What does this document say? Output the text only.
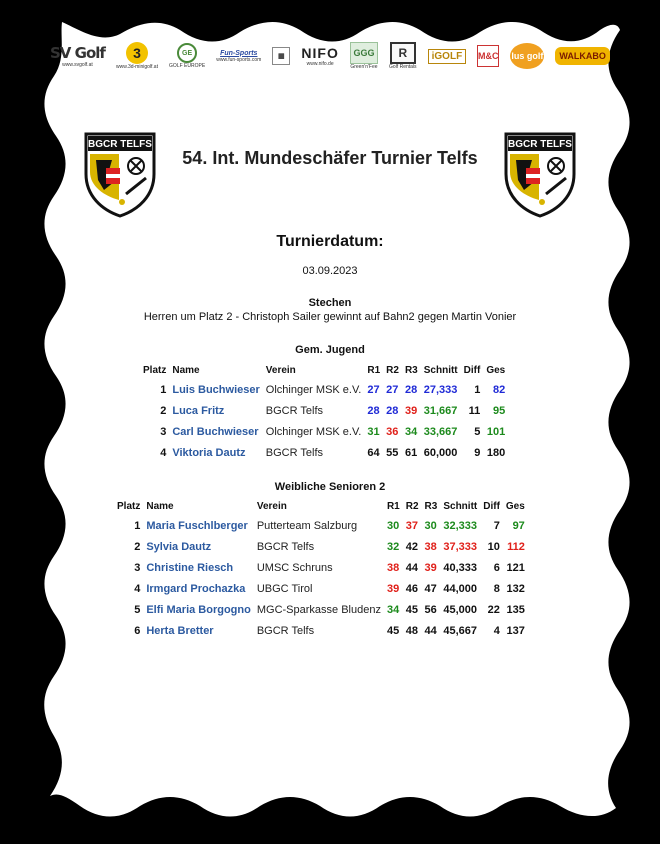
SV Golf
www.svgolf.at
3
www.3d-minigolf.at
GE
GOLF EUROPE
Fun-Sports
www.fun-sports.com	▦	NIFO
www.nifo.de
GGG
Green'n'Fee
R
Golf Rentals
iGOLF	M&C lus golf	WALKABO
BGCR TELFS	BGCR TELFS
54. Int. Mundeschäfer Turnier Telfs
Turnierdatum:
03.09.2023
Stechen
Herren um Platz 2 - Christoph Sailer gewinnt auf Bahn2 gegen Martin Vonier
Gem. Jugend
Platz	Name	Verein	R1	R2	R3	Schnitt	Diff	Ges
1	Luis Buchwieser	Olchinger MSK e.V.	27	27	28	27,333	1	82
2	Luca Fritz	BGCR Telfs	28	28	39	31,667	11	95
3	Carl Buchwieser	Olchinger MSK e.V.	31	36	34	33,667	5	101
4	Viktoria Dautz	BGCR Telfs	64	55	61	60,000	9	180
Weibliche Senioren 2
Platz	Name	Verein	R1	R2	R3	Schnitt	Diff	Ges
1	Maria Fuschlberger	Putterteam Salzburg	30	37	30	32,333	7	97
2	Sylvia Dautz	BGCR Telfs	32	42	38	37,333	10	112
3	Christine Riesch	UMSC Schruns	38	44	39	40,333	6	121
4	Irmgard Prochazka	UBGC Tirol	39	46	47	44,000	8	132
5	Elfi Maria Borgogno	MGC-Sparkasse Bludenz	34	45	56	45,000	22	135
6	Herta Bretter	BGCR Telfs	45	48	44	45,667	4	137
